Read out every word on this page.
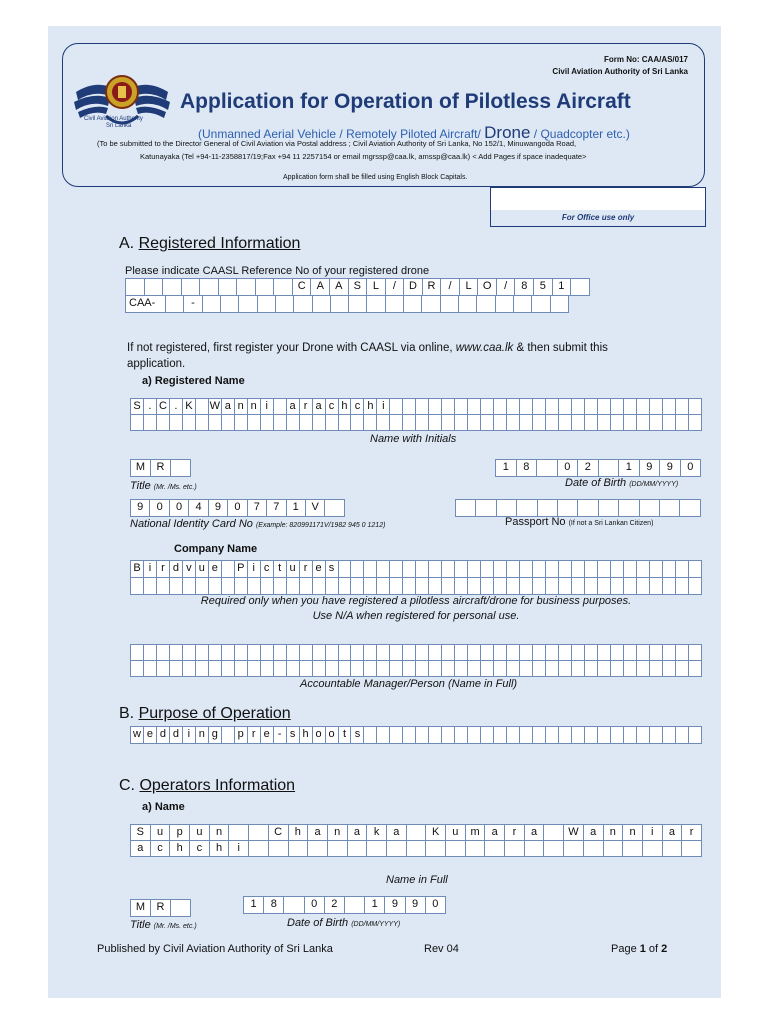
Civil Aviation Authority
Sri Lanka
Form No: CAA/AS/017
Civil Aviation Authority of Sri Lanka
Application for Operation of Pilotless Aircraft
(Unmanned Aerial Vehicle / Remotely Piloted Aircraft/ Drone / Quadcopter etc.)
(To be submitted to the Director General of Civil Aviation via Postal address ; Civil Aviation Authority of Sri Lanka, No 152/1, Minuwangoda Road,
Katunayaka (Tel +94-11-2358817/19;Fax +94 11 2257154 or email mgrssp@caa.lk, amssp@caa.lk) < Add Pages if space inadequate>
Application form shall be filled using English Block Capitals.
For Office use only
A. Registered Information
Please indicate CAASL Reference No of your registered drone
C A	A	S	L	/	D R	/	L	O	/	8	5	1
CAA-	-
If not registered, first register your Drone with CAASL via online, www.caa.lk & then submit this
application.
a) Registered Name
S . C . K	W a n n i	a r a c h c h i
Name with Initials
M	R
Title (Mr. /Ms. etc.)
1	8	0	2	1	9	9	0
Date of Birth (DD/MM/YYYY)
9	0	0	4	9	0	7	7	1	V
National Identity Card No (Example: 820991171V/1982 945 0 1212)	Passport No (If not a Sri Lankan Citizen)
Company Name
B i r d v u e	P i c t u r e s
Required only when you have registered a pilotless aircraft/drone for business purposes.
Use N/A when registered for personal use.
Accountable Manager/Person (Name in Full)
B. Purpose of Operation
w e d d i n g	p r e - s h o o t s
C. Operators Information
a) Name
S	u	p	u	n	C	h	a	n	a	k	a	K	u	m	a	r	a	W	a	n	n	i	a	r
a	c	h	c	h	i
Name in Full
M	R
Title (Mr. /Ms. etc.)
1	8	0	2	1	9	9	0
Date of Birth (DD/MM/YYYY)
Published by Civil Aviation Authority of Sri Lanka	Rev 04	Page 1 of 2
